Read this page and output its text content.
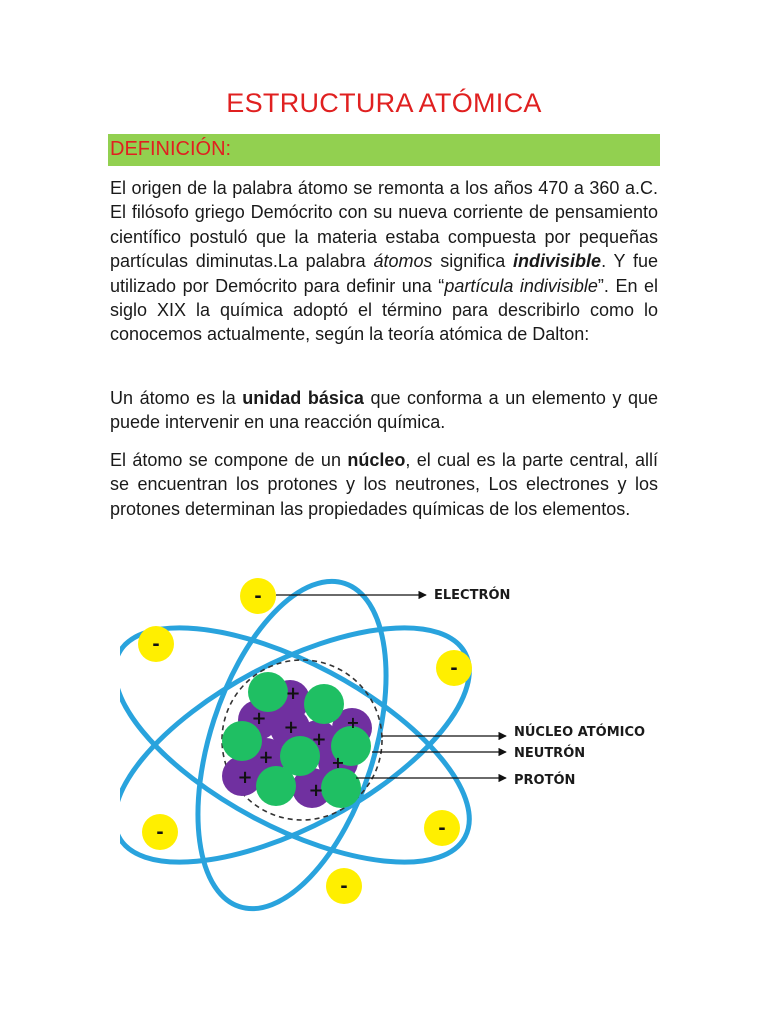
ESTRUCTURA ATÓMICA
DEFINICIÓN:
El origen de la palabra átomo se remonta a los años 470 a 360 a.C. El filósofo griego Demócrito con su nueva corriente de pensamiento científico postuló que la materia estaba compuesta por pequeñas partículas diminutas.La palabra átomos significa indivisible. Y fue utilizado por Demócrito para definir una “partícula indivisible”. En el siglo XIX la química adoptó el término para describirlo como lo conocemos actualmente, según la teoría atómica de Dalton:
Un átomo es la unidad básica que conforma a un elemento y que puede intervenir en una reacción química.
El átomo se compone de un núcleo, el cual es la parte central, allí se encuentran los protones y los neutrones, Los electrones y los protones determinan las propiedades químicas de los elementos.
+
+ +	+
+
+
+
+
+
-
-
-
-	-
-
ELECTRÓN
NÚCLEO ATÓMICO
NEUTRÓN
PROTÓN
